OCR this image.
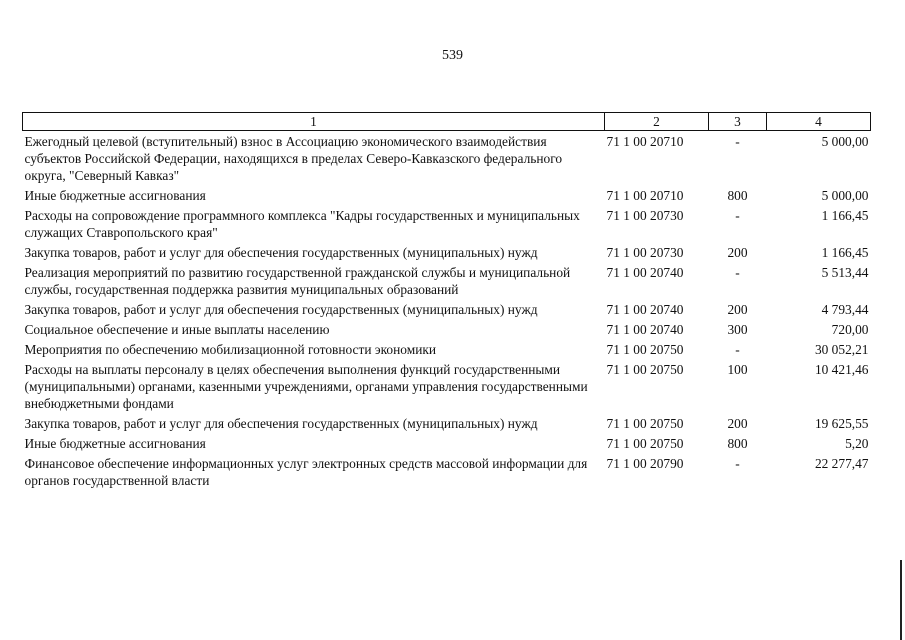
539
1	2	3	4
Ежегодный целевой (вступительный) взнос в Ассоциацию экономического взаимодействия субъектов Российской Федерации, находящихся в пределах Северо-Кавказского федерального округа, "Северный Кавказ"	71 1 00 20710	-	5 000,00
Иные бюджетные ассигнования	71 1 00 20710	800	5 000,00
Расходы на сопровождение программного комплекса "Кадры государственных и муниципальных служащих Ставропольского края"	71 1 00 20730	-	1 166,45
Закупка товаров, работ и услуг для обеспечения государственных (муниципальных) нужд	71 1 00 20730	200	1 166,45
Реализация мероприятий по развитию государственной гражданской службы и муниципальной службы, государственная поддержка развития муниципальных образований	71 1 00 20740	-	5 513,44
Закупка товаров, работ и услуг для обеспечения государственных (муниципальных) нужд	71 1 00 20740	200	4 793,44
Социальное обеспечение и иные выплаты населению	71 1 00 20740	300	720,00
Мероприятия по обеспечению мобилизационной готовности экономики	71 1 00 20750	-	30 052,21
Расходы на выплаты персоналу в целях обеспечения выполнения функций государственными (муниципальными) органами, казенными учреждениями, органами управления государственными внебюджетными фондами	71 1 00 20750	100	10 421,46
Закупка товаров, работ и услуг для обеспечения государственных (муниципальных) нужд	71 1 00 20750	200	19 625,55
Иные бюджетные ассигнования	71 1 00 20750	800	5,20
Финансовое обеспечение информационных услуг электронных средств массовой информации для органов государственной власти	71 1 00 20790	-	22 277,47
